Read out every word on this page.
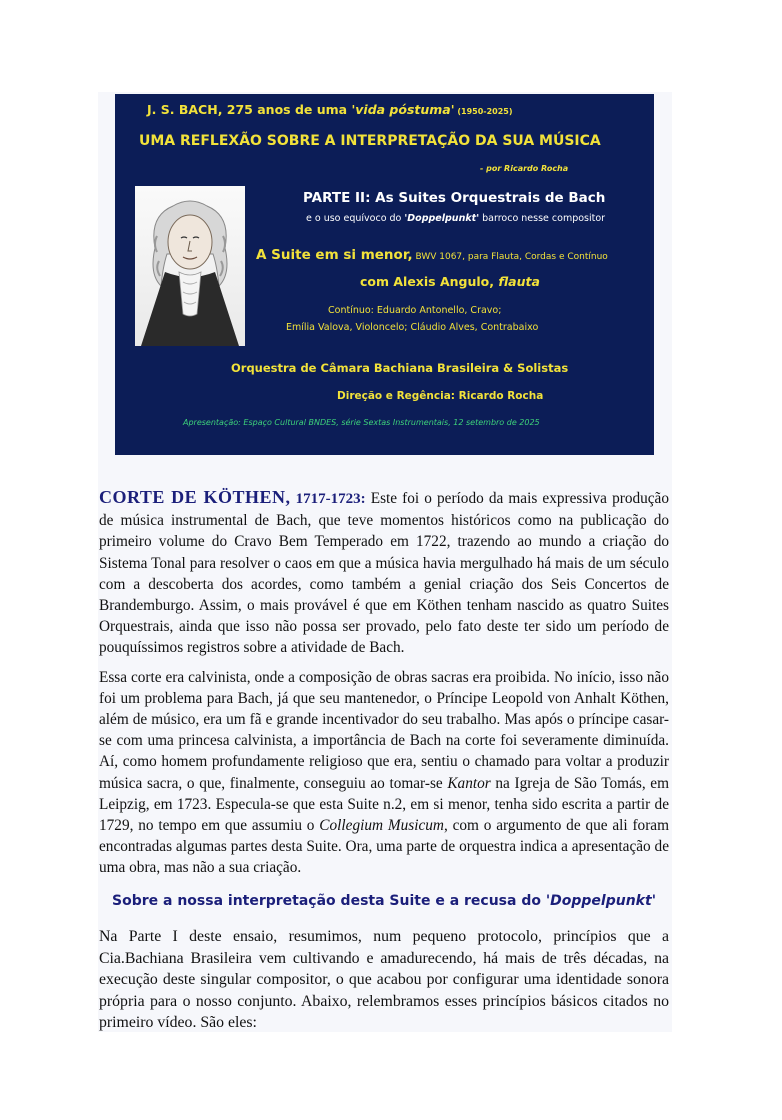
J. S. BACH, 275 anos de uma 'vida póstuma' (1950-2025)
UMA REFLEXÃO SOBRE A INTERPRETAÇÃO DA SUA MÚSICA
- por Ricardo Rocha
PARTE II: As Suites Orquestrais de Bach
e o uso equívoco do 'Doppelpunkt' barroco nesse compositor
A Suite em si menor, BWV 1067, para Flauta, Cordas e Contínuo
com Alexis Angulo, flauta
Contínuo: Eduardo Antonello, Cravo;
Emília Valova, Violoncelo; Cláudio Alves, Contrabaixo
Orquestra de Câmara Bachiana Brasileira & Solistas
Direção e Regência: Ricardo Rocha
Apresentação: Espaço Cultural BNDES, série Sextas Instrumentais, 12 setembro de 2025

CORTE DE KÖTHEN, 1717-1723: Este foi o período da mais expressiva produção de música instrumental de Bach, que teve momentos históricos como na publicação do primeiro volume do Cravo Bem Temperado em 1722, trazendo ao mundo a criação do Sistema Tonal para resolver o caos em que a música havia mergulhado há mais de um século com a descoberta dos acordes, como também a genial criação dos Seis Concertos de Brandemburgo. Assim, o mais provável é que em Köthen tenham nascido as quatro Suites Orquestrais, ainda que isso não possa ser provado, pelo fato deste ter sido um período de pouquíssimos registros sobre a atividade de Bach.

Essa corte era calvinista, onde a composição de obras sacras era proibida. No início, isso não foi um problema para Bach, já que seu mantenedor, o Príncipe Leopold von Anhalt Köthen, além de músico, era um fã e grande incentivador do seu trabalho. Mas após o príncipe casar-se com uma princesa calvinista, a importância de Bach na corte foi severamente diminuída. Aí, como homem profundamente religioso que era, sentiu o chamado para voltar a produzir música sacra, o que, finalmente, conseguiu ao tomar-se Kantor na Igreja de São Tomás, em Leipzig, em 1723. Especula-se que esta Suite n.2, em si menor, tenha sido escrita a partir de 1729, no tempo em que assumiu o Collegium Musicum, com o argumento de que ali foram encontradas algumas partes desta Suite. Ora, uma parte de orquestra indica a apresentação de uma obra, mas não a sua criação.

Sobre a nossa interpretação desta Suite e a recusa do 'Doppelpunkt'

Na Parte I deste ensaio, resumimos, num pequeno protocolo, princípios que a Cia.Bachiana Brasileira vem cultivando e amadurecendo, há mais de três décadas, na execução deste singular compositor, o que acabou por configurar uma identidade sonora própria para o nosso conjunto. Abaixo, relembramos esses princípios básicos citados no primeiro vídeo. São eles:
